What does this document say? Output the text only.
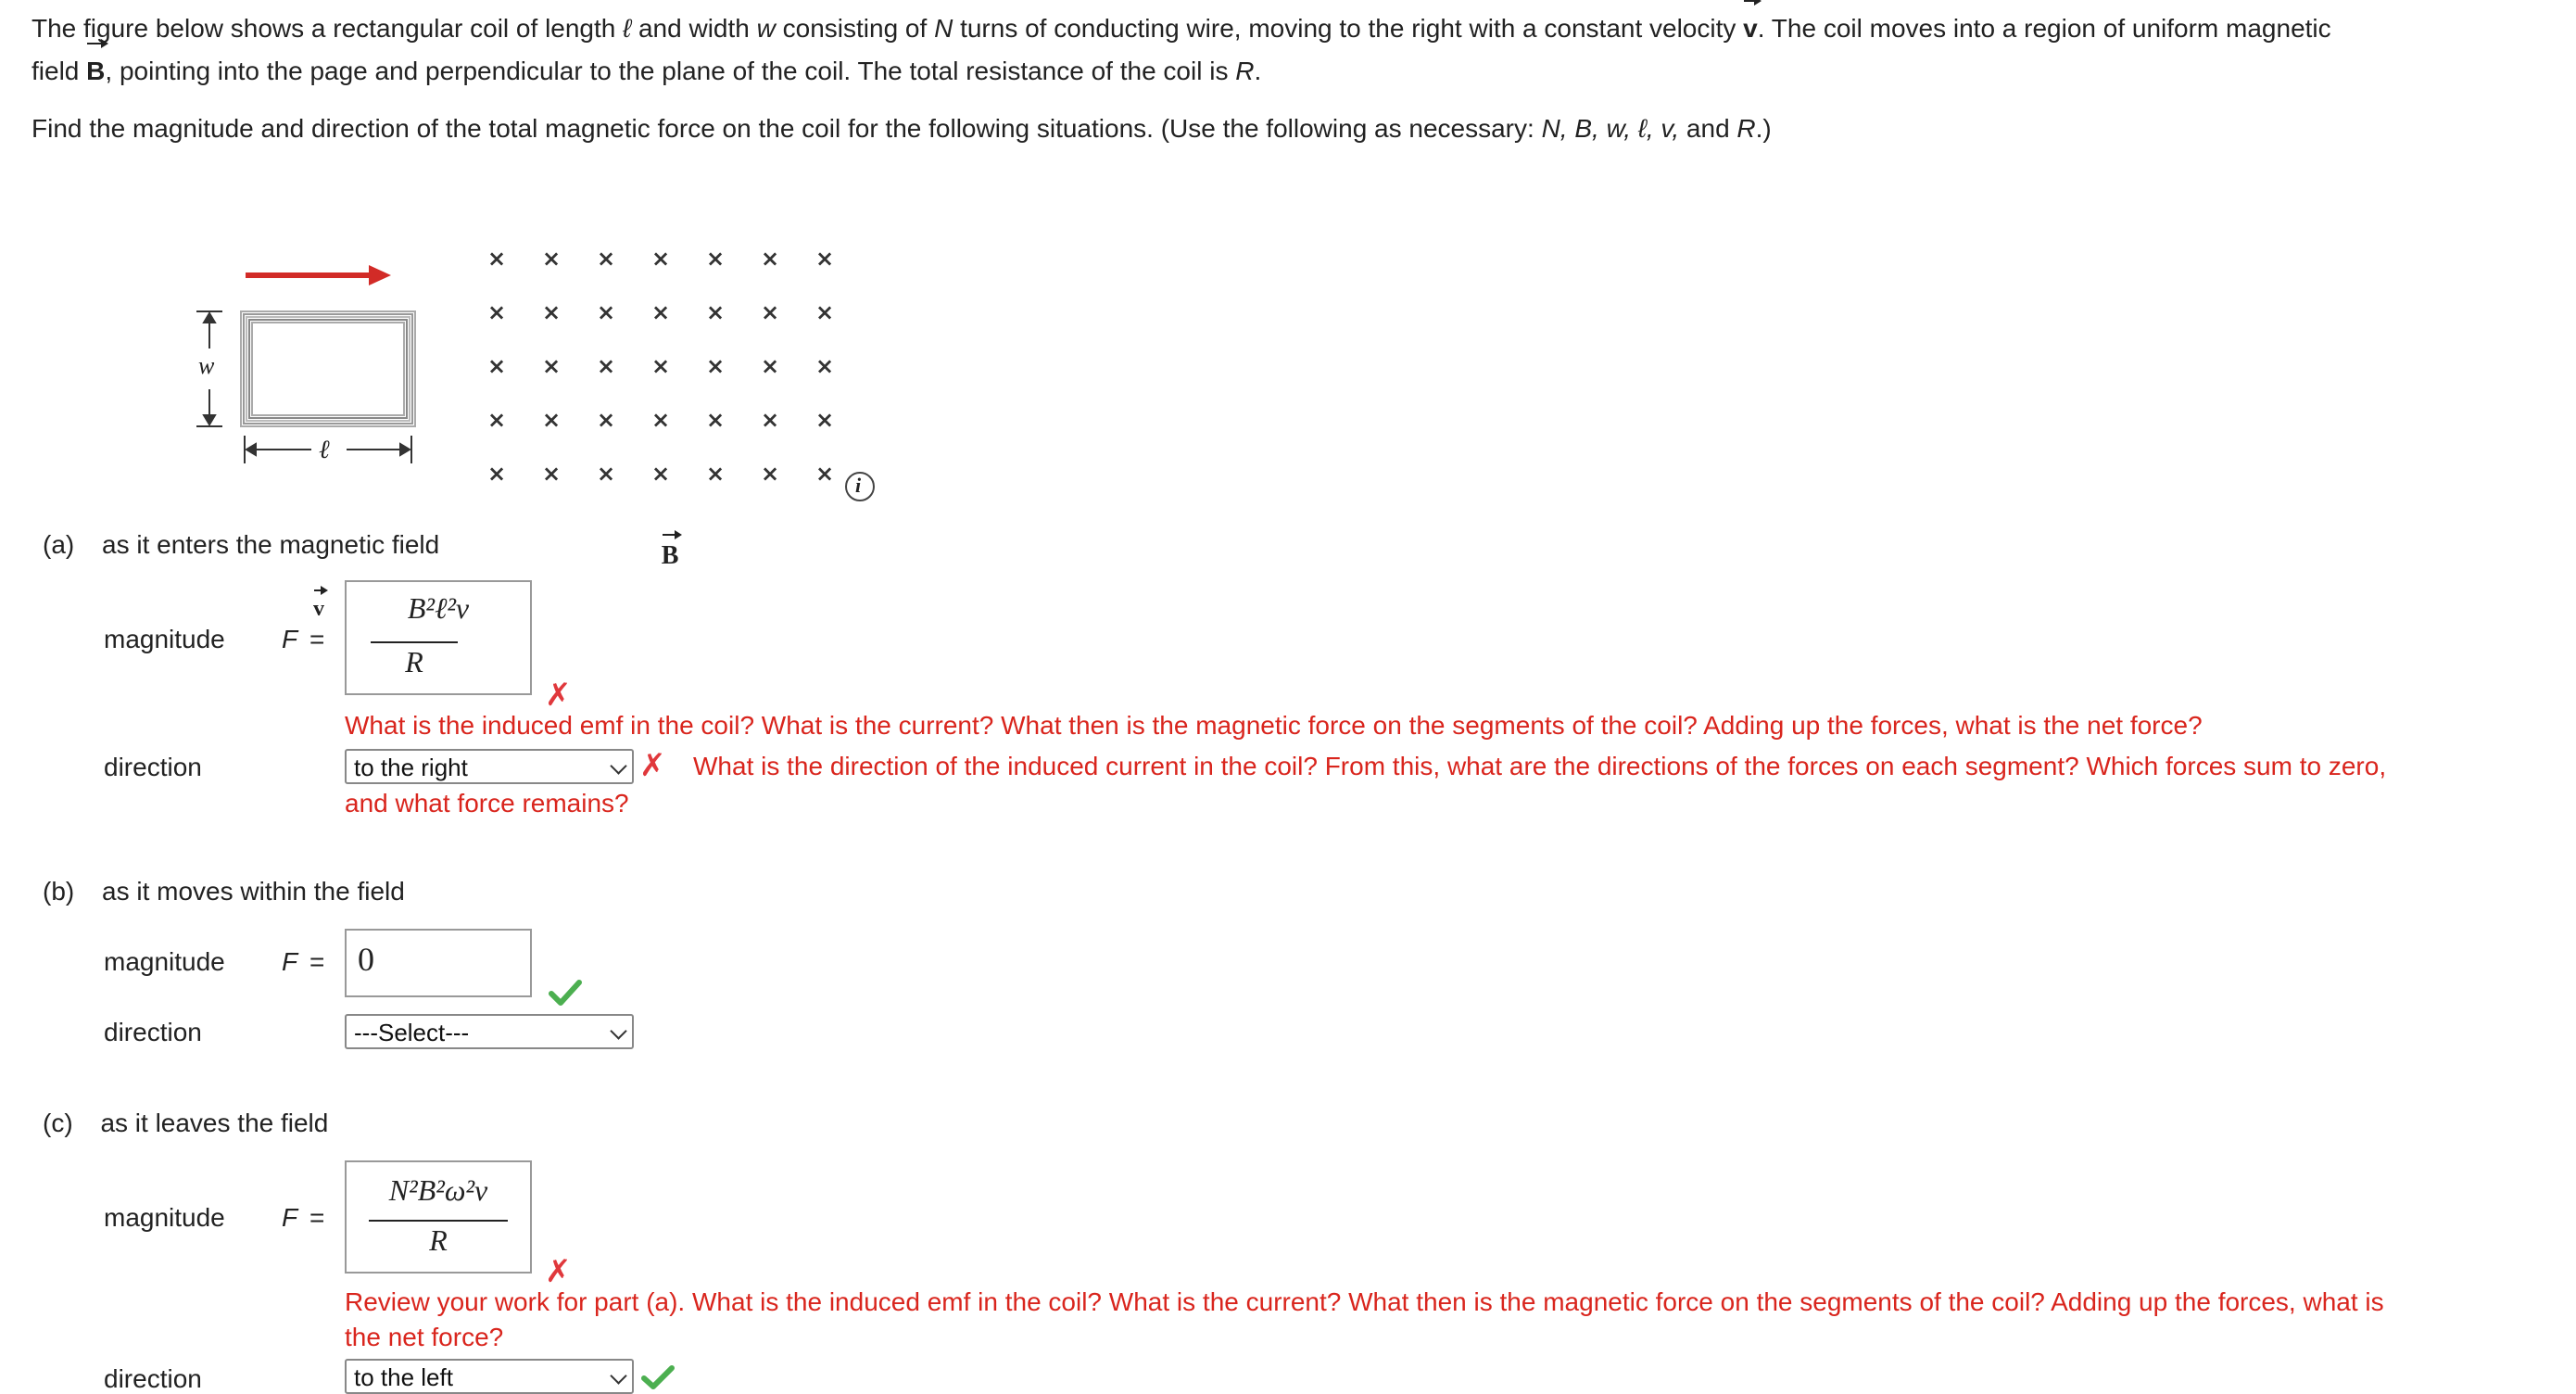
The figure below shows a rectangular coil of length ℓ and width w consisting of N turns of conducting wire, moving to the right with a constant velocity v. The coil moves into a region of uniform magnetic
field B, pointing into the page and perpendicular to the plane of the coil. The total resistance of the coil is R.
Find the magnitude and direction of the total magnetic force on the coil for the following situations. (Use the following as necessary: N, B, w, ℓ, v, and R.)
v B
w
ℓ
i
× × × × × × ×
× × × × × × ×
× × × × × × ×
× × × × × × ×
× × × × × × ×
(a) as it enters the magnetic field
magnitude F =
B²ℓ²v
R
✗
What is the induced emf in the coil? What is the current? What then is the magnetic force on the segments of the coil? Adding up the forces, what is the net force?
direction	to the right	✗ What is the direction of the induced current in the coil? From this, what are the directions of the forces on each segment? Which forces sum to zero,
and what force remains?
(b) as it moves within the field
magnitude F = 0
direction	---Select---
(c) as it leaves the field
magnitude F =
N²B²ω²v
R
✗
Review your work for part (a). What is the induced emf in the coil? What is the current? What then is the magnetic force on the segments of the coil? Adding up the forces, what is
the net force?
direction	to the left
